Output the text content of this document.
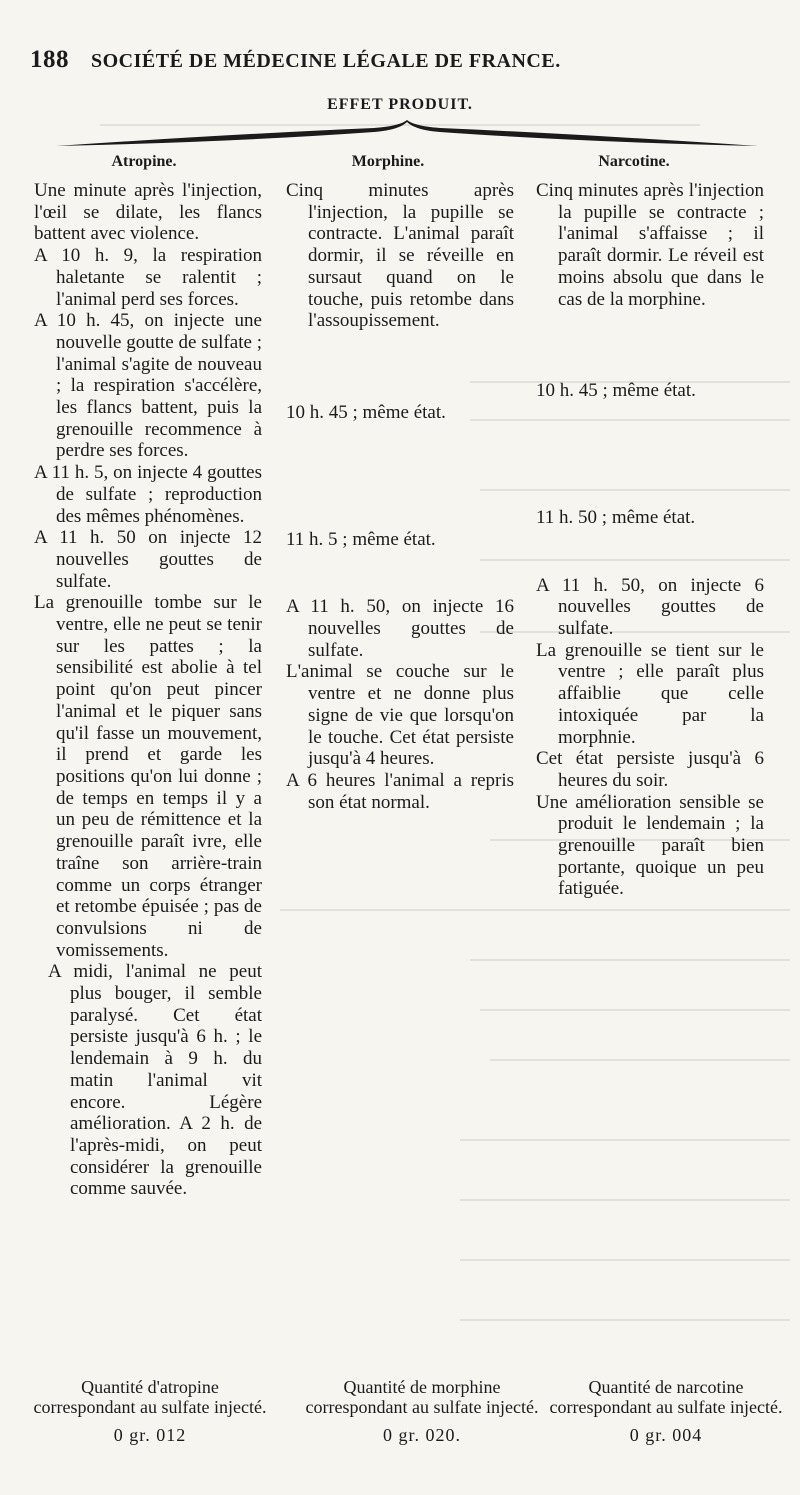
188 SOCIÉTÉ DE MÉDECINE LÉGALE DE FRANCE.
EFFET PRODUIT.
Atropine.	Morphine.	Narcotine.

Une minute après l'injection, l'œil se dilate, les flancs battent avec violence.

A 10 h. 9, la respiration haletante se ralentit ; l'animal perd ses forces.

A 10 h. 45, on injecte une nouvelle goutte de sulfate ; l'animal s'agite de nouveau ; la respiration s'accélère, les flancs battent, puis la grenouille recommence à perdre ses forces.

A 11 h. 5, on injecte 4 gouttes de sulfate ; reproduction des mêmes phénomènes.

A 11 h. 50 on injecte 12 nouvelles gouttes de sulfate.

La grenouille tombe sur le ventre, elle ne peut se tenir sur les pattes ; la sensibilité est abolie à tel point qu'on peut pincer l'animal et le piquer sans qu'il fasse un mouvement, il prend et garde les positions qu'on lui donne ; de temps en temps il y a un peu de rémittence et la grenouille paraît ivre, elle traîne son arrière-train comme un corps étranger et retombe épuisée ; pas de convulsions ni de vomissements.

A midi, l'animal ne peut plus bouger, il semble paralysé. Cet état persiste jusqu'à 6 h. ; le lendemain à 9 h. du matin l'animal vit encore. Légère amélioration. A 2 h. de l'après-midi, on peut considérer la grenouille comme sauvée.

Cinq minutes après l'injection, la pupille se contracte. L'animal paraît dormir, il se réveille en sursaut quand on le touche, puis retombe dans l'assoupissement.

10 h. 45 ; même état.

11 h. 5 ; même état.

A 11 h. 50, on injecte 16 nouvelles gouttes de sulfate.

L'animal se couche sur le ventre et ne donne plus signe de vie que lorsqu'on le touche. Cet état persiste jusqu'à 4 heures.

A 6 heures l'animal a repris son état normal.

Cinq minutes après l'injection la pupille se contracte ; l'animal s'affaisse ; il paraît dormir. Le réveil est moins absolu que dans le cas de la morphine.

10 h. 45 ; même état.

11 h. 50 ; même état.

A 11 h. 50, on injecte 6 nouvelles gouttes de sulfate.

La grenouille se tient sur le ventre ; elle paraît plus affaiblie que celle intoxiquée par la morphnie.

Cet état persiste jusqu'à 6 heures du soir.

Une amélioration sensible se produit le lendemain ; la grenouille paraît bien portante, quoique un peu fatiguée.

Quantité d'atropine correspondant au sulfate injecté.
0 gr. 012
Quantité de morphine correspondant au sulfate injecté.
0 gr. 020.
Quantité de narcotine correspondant au sulfate injecté.
0 gr. 004
